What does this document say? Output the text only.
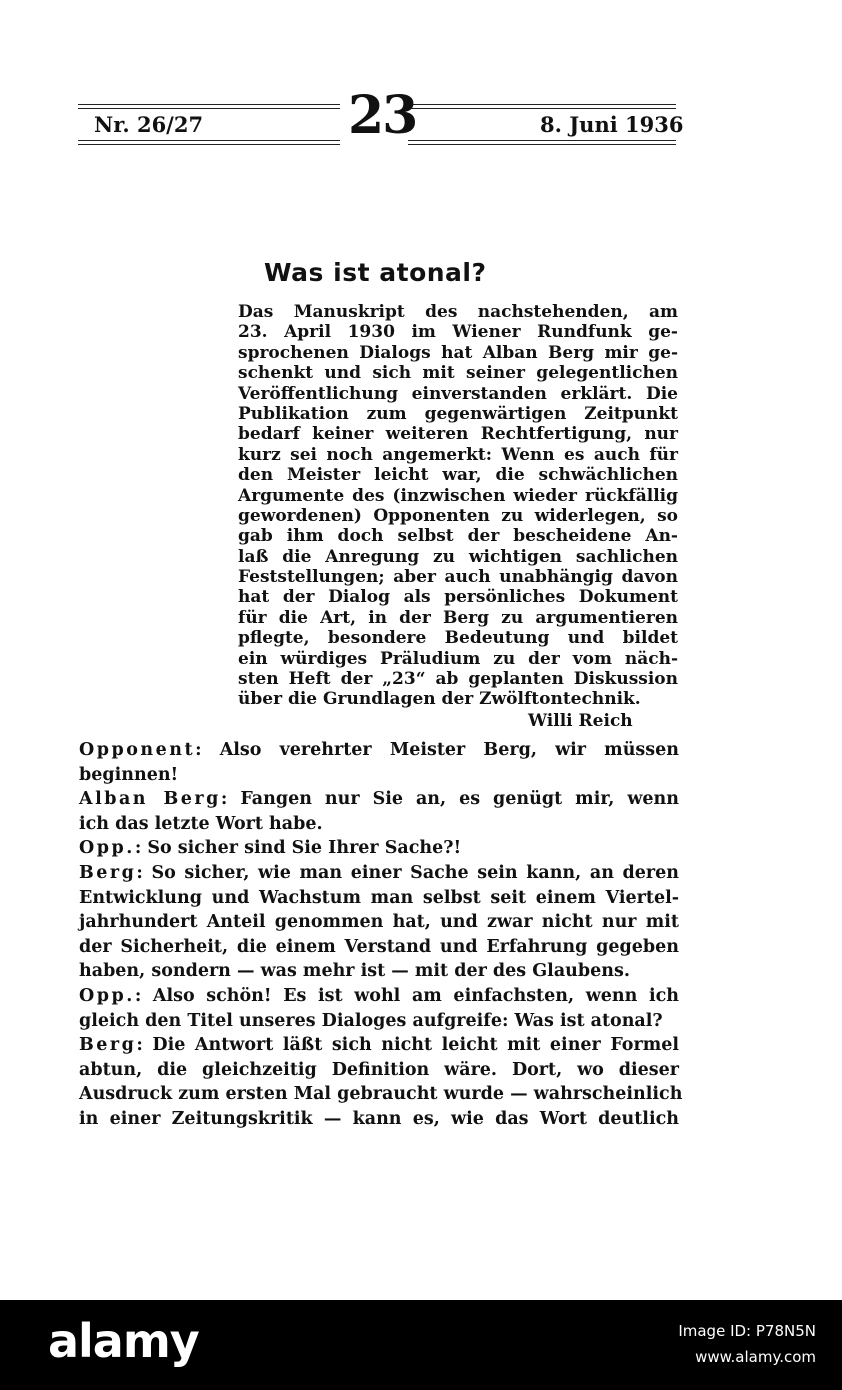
Nr. 26/27	23	8. Juni 1936
Was ist atonal?
Das Manuskript des nachstehenden, am
23. April 1930 im Wiener Rundfunk ge-
sprochenen Dialogs hat Alban Berg mir ge-
schenkt und sich mit seiner gelegentlichen
Veröffentlichung einverstanden erklärt. Die
Publikation zum gegenwärtigen Zeitpunkt
bedarf keiner weiteren Rechtfertigung, nur
kurz sei noch angemerkt: Wenn es auch für
den Meister leicht war, die schwächlichen
Argumente des (inzwischen wieder rückfällig
gewordenen) Opponenten zu widerlegen, so
gab ihm doch selbst der bescheidene An-
laß die Anregung zu wichtigen sachlichen
Feststellungen; aber auch unabhängig davon
hat der Dialog als persönliches Dokument
für die Art, in der Berg zu argumentieren
pflegte, besondere Bedeutung und bildet
ein würdiges Präludium zu der vom näch-
sten Heft der „23“ ab geplanten Diskussion
über die Grundlagen der Zwölftontechnik.
Willi Reich
Opponent: Also verehrter Meister Berg, wir müssen
beginnen!
Alban Berg: Fangen nur Sie an, es genügt mir, wenn
ich das letzte Wort habe.
Opp.: So sicher sind Sie Ihrer Sache?!
Berg: So sicher, wie man einer Sache sein kann, an deren
Entwicklung und Wachstum man selbst seit einem Viertel-
jahrhundert Anteil genommen hat, und zwar nicht nur mit
der Sicherheit, die einem Verstand und Erfahrung gegeben
haben, sondern — was mehr ist — mit der des Glaubens.
Opp.: Also schön! Es ist wohl am einfachsten, wenn ich
gleich den Titel unseres Dialoges aufgreife: Was ist atonal?
Berg: Die Antwort läßt sich nicht leicht mit einer Formel
abtun, die gleichzeitig Definition wäre. Dort, wo dieser
Ausdruck zum ersten Mal gebraucht wurde — wahrscheinlich
in einer Zeitungskritik — kann es, wie das Wort deutlich
alamy	Image ID: P78N5N
www.alamy.com
